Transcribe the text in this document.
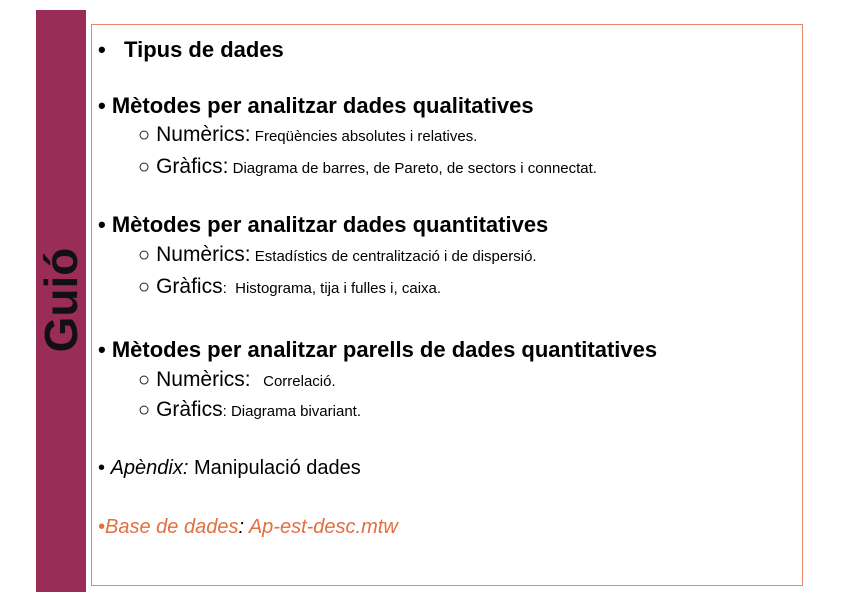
Guió
•   Tipus de dades
• Mètodes per analitzar dades qualitatives
○ Numèrics: Freqüències absolutes i relatives.
○ Gràfics: Diagrama de barres, de Pareto, de sectors i connectat.
• Mètodes per analitzar dades quantitatives
○ Numèrics: Estadístics de centralització i de dispersió.
○ Gràfics: Histograma, tija i fulles i, caixa.
• Mètodes per analitzar parells de dades quantitatives
○ Numèrics: Correlació.
○ Gràfics: Diagrama bivariant.
• Apèndix: Manipulació dades
•Base de dades: Ap-est-desc.mtw
